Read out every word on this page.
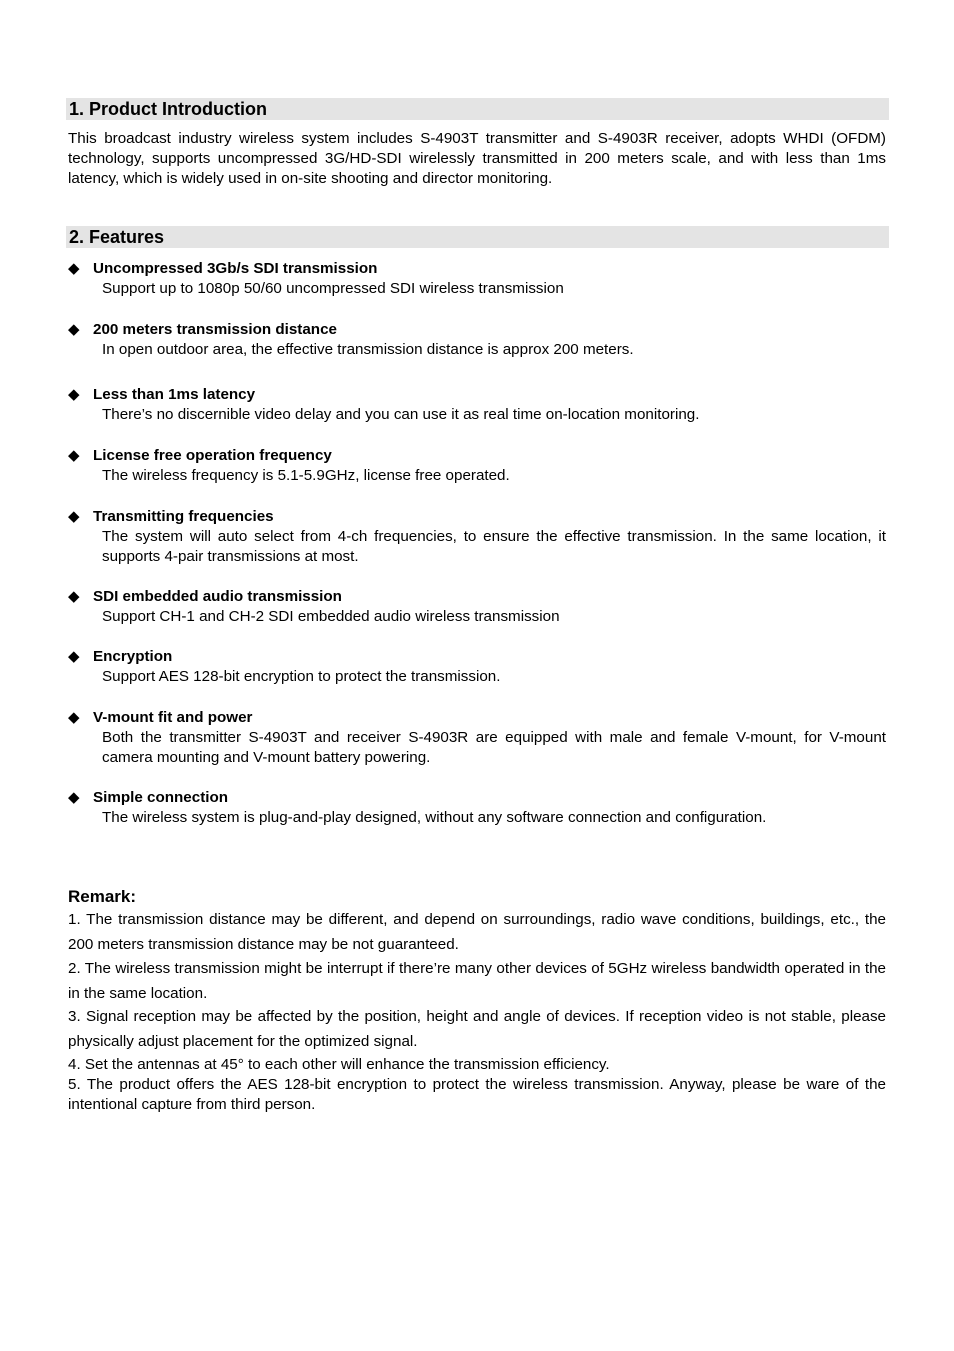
1. Product Introduction

This broadcast industry wireless system includes S-4903T transmitter and S-4903R receiver, adopts WHDI (OFDM) technology, supports uncompressed 3G/HD-SDI wirelessly transmitted in 200 meters scale, and with less than 1ms latency, which is widely used in on-site shooting and director monitoring.

2. Features
◆ Uncompressed 3Gb/s SDI transmission

Support up to 1080p 50/60 uncompressed SDI wireless transmission

◆ 200 meters transmission distance

In open outdoor area, the effective transmission distance is approx 200 meters.

◆ Less than 1ms latency

There’s no discernible video delay and you can use it as real time on-location monitoring.

◆ License free operation frequency

The wireless frequency is 5.1-5.9GHz, license free operated.

◆ Transmitting frequencies

The system will auto select from 4-ch frequencies, to ensure the effective transmission. In the same location, it supports 4-pair transmissions at most.

◆ SDI embedded audio transmission

Support CH-1 and CH-2 SDI embedded audio wireless transmission

◆ Encryption

Support AES 128-bit encryption to protect the transmission.

◆ V-mount fit and power

Both the transmitter S-4903T and receiver S-4903R are equipped with male and female V-mount, for V-mount camera mounting and V-mount battery powering.

◆ Simple connection

The wireless system is plug-and-play designed, without any software connection and configuration.

Remark:

1. The transmission distance may be different, and depend on surroundings, radio wave conditions, buildings, etc., the 200 meters transmission distance may be not guaranteed.

2. The wireless transmission might be interrupt if there’re many other devices of 5GHz wireless bandwidth operated in the in the same location.

3. Signal reception may be affected by the position, height and angle of devices. If reception video is not stable, please physically adjust placement for the optimized signal.

4. Set the antennas at 45° to each other will enhance the transmission efficiency.

5. The product offers the AES 128-bit encryption to protect the wireless transmission. Anyway, please be ware of the intentional capture from third person.
